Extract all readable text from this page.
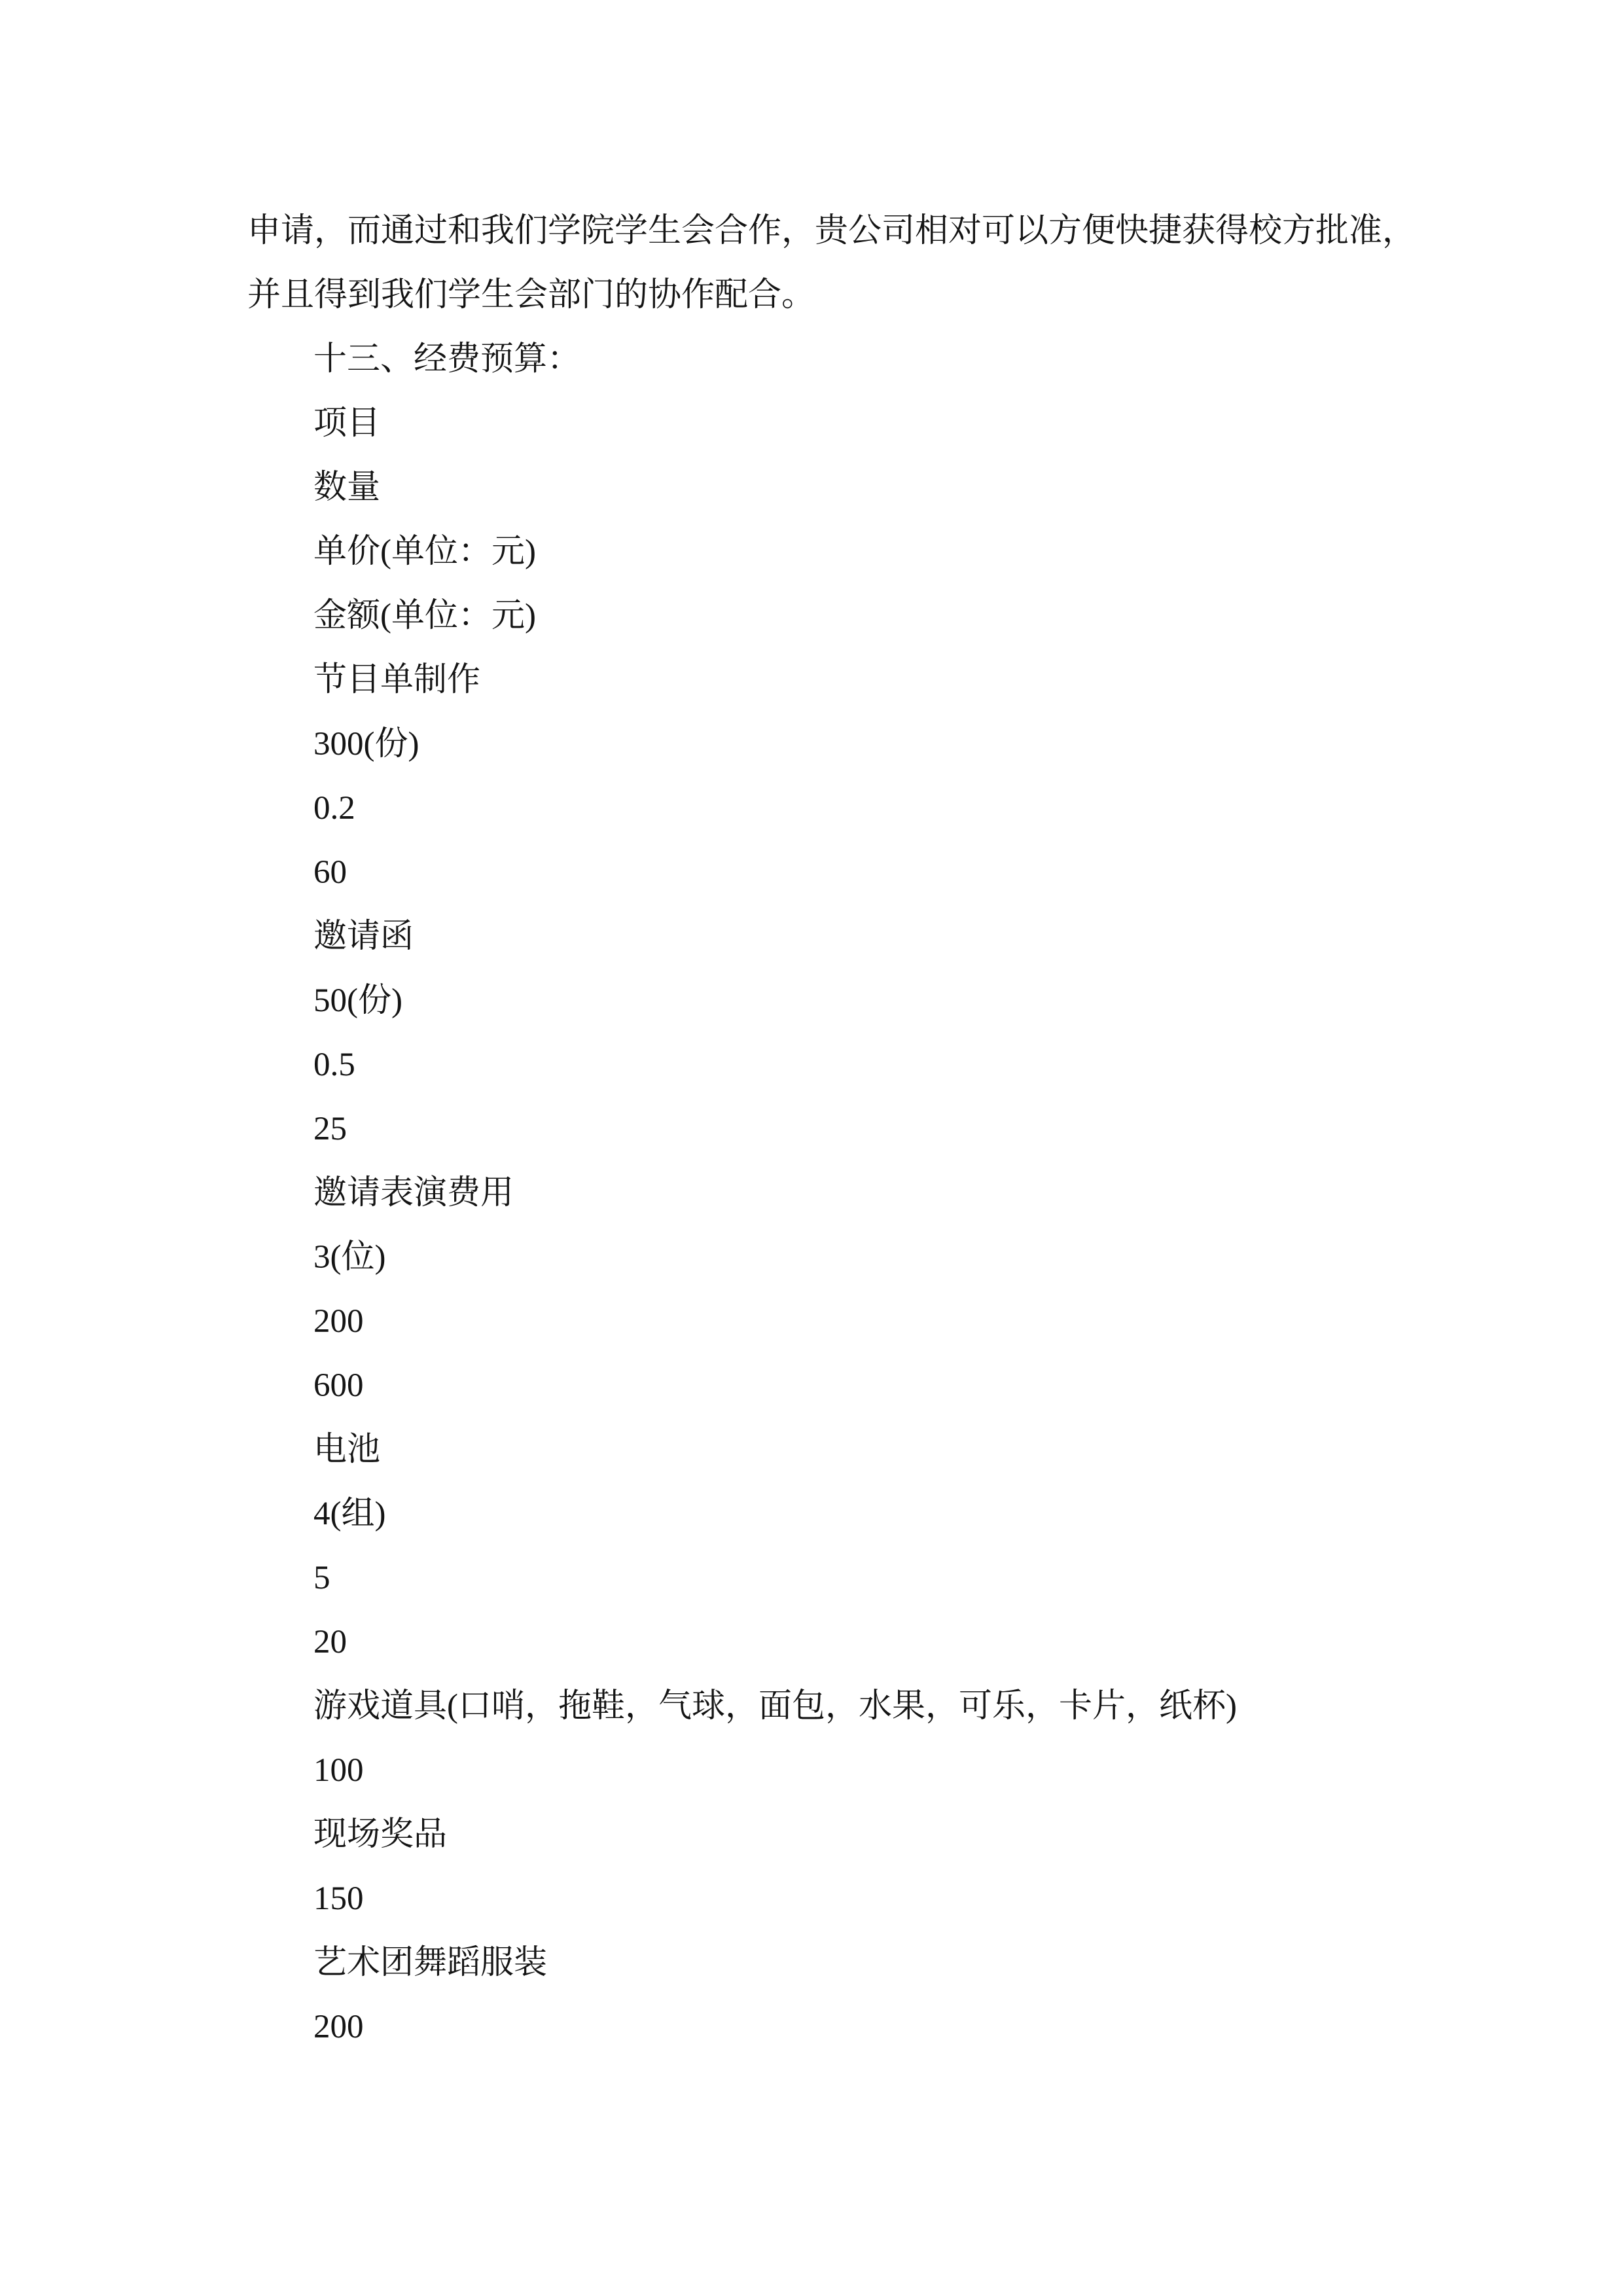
申请，而通过和我们学院学生会合作，贵公司相对可以方便快捷获得校方批准，
并且得到我们学生会部门的协作配合。
十三、经费预算：
项目
数量
单价(单位：元)
金额(单位：元)
节目单制作
300(份)
0.2
60
邀请函
50(份)
0.5
25
邀请表演费用
3(位)
200
600
电池
4(组)
5
20
游戏道具(口哨，拖鞋，气球，面包，水果，可乐，卡片，纸杯)
100
现场奖品
150
艺术团舞蹈服装
200
